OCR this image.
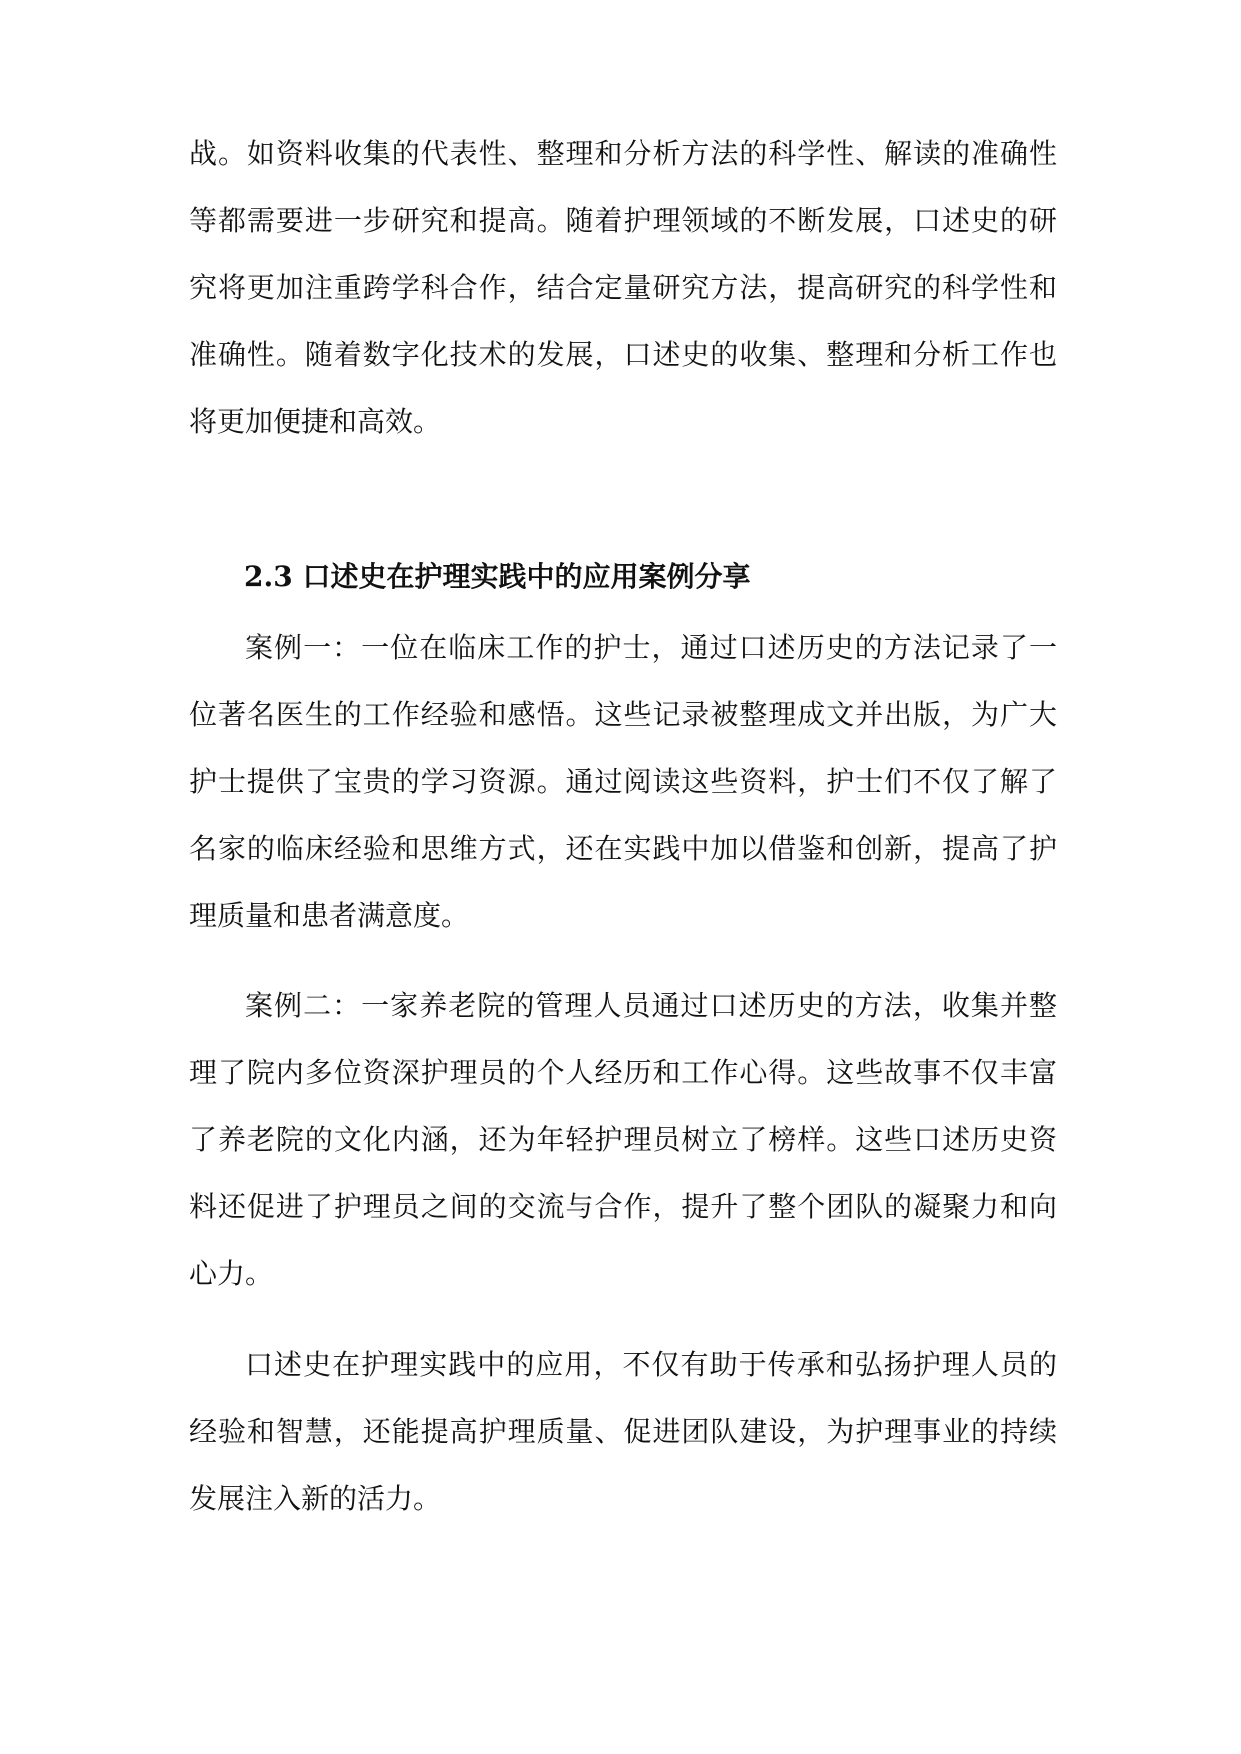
战。如资料收集的代表性、整理和分析方法的科学性、解读的准确性
等都需要进一步研究和提高。随着护理领域的不断发展，口述史的研
究将更加注重跨学科合作，结合定量研究方法，提高研究的科学性和
准确性。随着数字化技术的发展，口述史的收集、整理和分析工作也
将更加便捷和高效。
2.3 口述史在护理实践中的应用案例分享
案例一：一位在临床工作的护士，通过口述历史的方法记录了一
位著名医生的工作经验和感悟。这些记录被整理成文并出版，为广大
护士提供了宝贵的学习资源。通过阅读这些资料，护士们不仅了解了
名家的临床经验和思维方式，还在实践中加以借鉴和创新，提高了护
理质量和患者满意度。
案例二：一家养老院的管理人员通过口述历史的方法，收集并整
理了院内多位资深护理员的个人经历和工作心得。这些故事不仅丰富
了养老院的文化内涵，还为年轻护理员树立了榜样。这些口述历史资
料还促进了护理员之间的交流与合作，提升了整个团队的凝聚力和向
心力。
口述史在护理实践中的应用，不仅有助于传承和弘扬护理人员的
经验和智慧，还能提高护理质量、促进团队建设，为护理事业的持续
发展注入新的活力。
